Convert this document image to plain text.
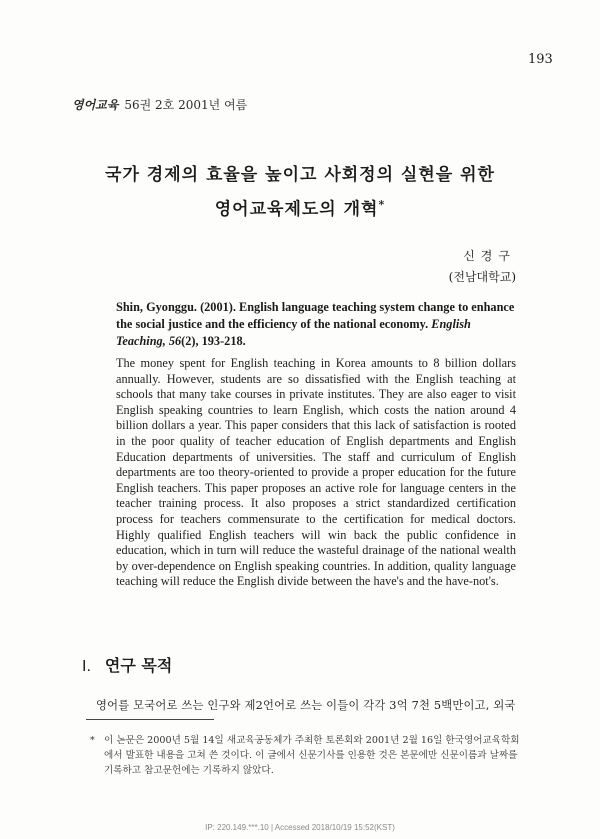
193
영어교육 56권 2호 2001년 여름
국가 경제의 효율을 높이고 사회정의 실현을 위한
영어교육제도의 개혁*
신경구
(전남대학교)
Shin, Gyonggu. (2001). English language teaching system change to enhance the social justice and the efficiency of the national economy. English Teaching, 56(2), 193-218.
The money spent for English teaching in Korea amounts to 8 billion dollars annually. However, students are so dissatisfied with the English teaching at schools that many take courses in private institutes. They are also eager to visit English speaking countries to learn English, which costs the nation around 4 billion dollars a year. This paper considers that this lack of satisfaction is rooted in the poor quality of teacher education of English departments and English Education departments of universities. The staff and curriculum of English departments are too theory-oriented to provide a proper education for the future English teachers. This paper proposes an active role for language centers in the teacher training process. It also proposes a strict standardized certification process for teachers commensurate to the certification for medical doctors. Highly qualified English teachers will win back the public confidence in education, which in turn will reduce the wasteful drainage of the national wealth by over-dependence on English speaking countries. In addition, quality language teaching will reduce the English divide between the have's and the have-not's.
I. 연구 목적
영어를 모국어로 쓰는 인구와 제2언어로 쓰는 이들이 각각 3억 7천 5백만이고, 외국
* 이 논문은 2000년 5월 14일 새교육공동체가 주최한 토론회와 2001년 2월 16일 한국영어교육학회에서 발표한 내용을 고쳐 쓴 것이다. 이 글에서 신문기사를 인용한 것은 본문에만 신문이름과 날짜를 기록하고 참고문헌에는 기록하지 않았다.
IP: 220.149.***.10 | Accessed 2018/10/19 15:52(KST)
